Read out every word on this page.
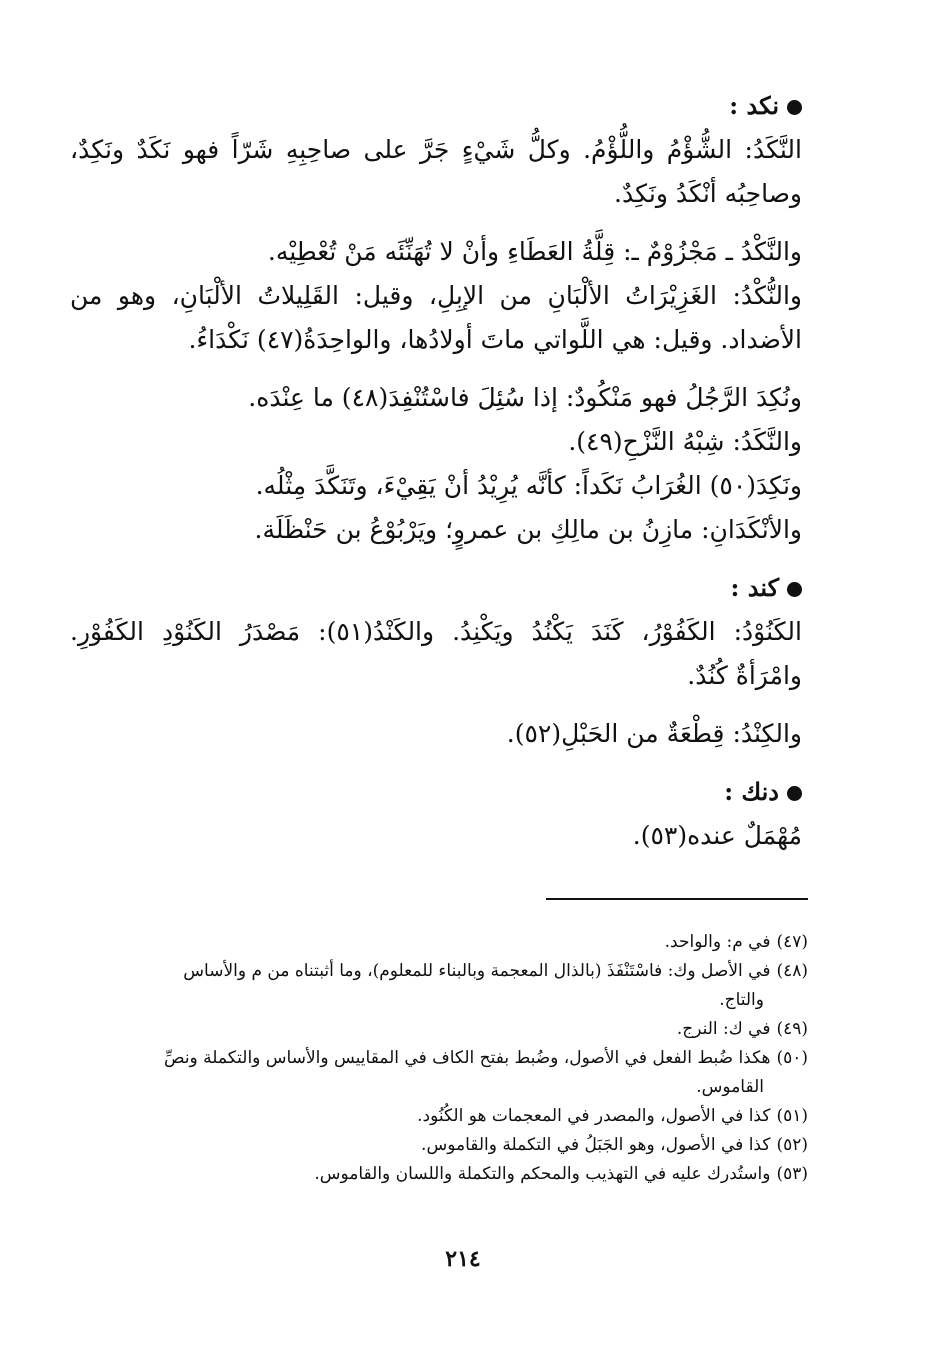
نكد :
النَّكَدُ: الشُّؤْمُ واللُّؤْمُ. وكلُّ شَيْءٍ جَرَّ على صاحِبِهِ شَرّاً فهو نَكَدٌ ونَكِدٌ،
وصاحِبُه أنْكَدُ ونَكِدٌ.
والنَّكْدُ ـ مَجْزُوْمٌ ـ: قِلَّةُ العَطَاءِ وأنْ لا تُهَنِّئَه مَنْ تُعْطِيْه.
والنُّكْدُ: الغَزِيْرَاتُ الألْبَانِ من الإبِلِ، وقيل: القَلِيلاتُ الألْبَانِ، وهو من
الأضداد. وقيل: هي اللَّواتي ماتَ أولادُها، والواحِدَةُ(٤٧) نَكْدَاءُ.
ونُكِدَ الرَّجُلُ فهو مَنْكُودٌ: إذا سُئِلَ فاسْتُنْفِدَ(٤٨) ما عِنْدَه.
والنَّكَدُ: شِبْهُ النَّزْحِ(٤٩).
ونَكِدَ(٥٠) الغُرَابُ نَكَداً: كأنَّه يُرِيْدُ أنْ يَقِيْءَ، وتَنَكَّدَ مِثْلُه.
والأنْكَدَانِ: مازِنُ بن مالِكِ بن عمروٍ؛ ويَرْبُوْعُ بن حَنْظَلَة.
كند :
الكَنُوْدُ: الكَفُوْرُ، كَنَدَ يَكْنُدُ ويَكْنِدُ. والكَنْدُ(٥١): مَصْدَرُ الكَنُوْدِ الكَفُوْرِ.
وامْرَأةٌ كُنُدٌ.
والكِنْدُ: قِطْعَةٌ من الحَبْلِ(٥٢).
دنك :
مُهْمَلٌ عنده(٥٣).
(٤٧)في م: والواحد.
(٤٨)في الأصل وك: فاسْتَنْفَذَ (بالذال المعجمة وبالبناء للمعلوم)، وما أثبتناه من م والأساس
والتاج.
(٤٩)في ك: النرج.
(٥٠)هكذا ضُبط الفعل في الأصول، وضُبط بفتح الكاف في المقاييس والأساس والتكملة ونصِّ
القاموس.
(٥١)كذا في الأصول، والمصدر في المعجمات هو الكُنُود.
(٥٢)كذا في الأصول، وهو الجَبَلُ في التكملة والقاموس.
(٥٣)واستُدرك عليه في التهذيب والمحكم والتكملة واللسان والقاموس.
٢١٤
